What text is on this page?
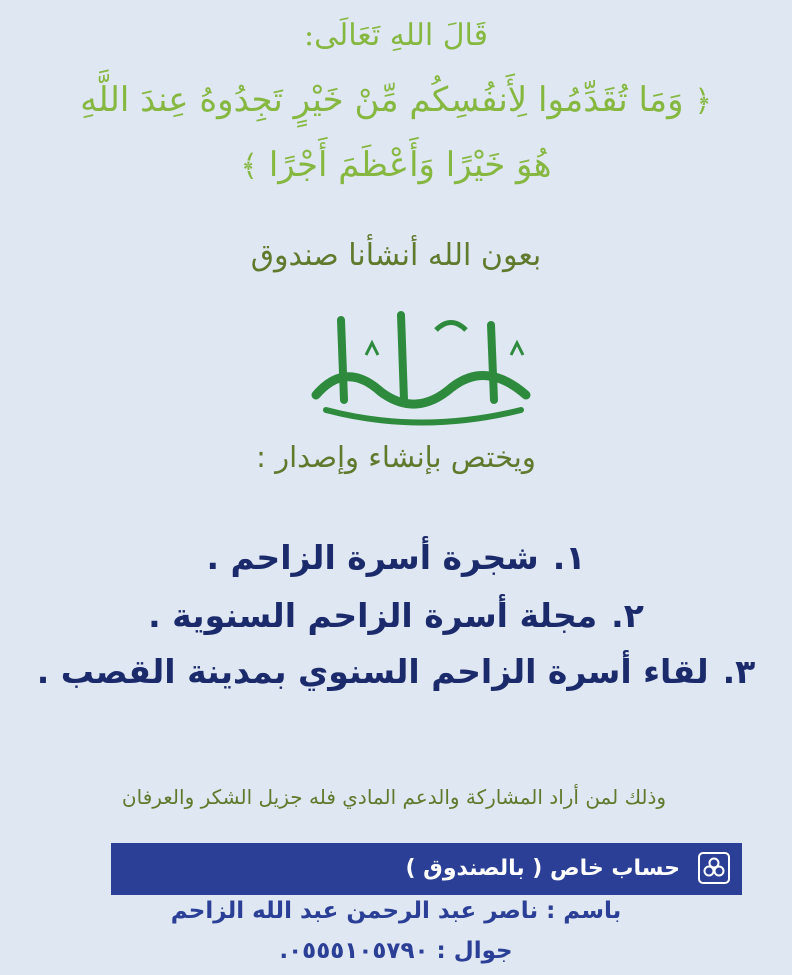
قَالَ اللهِ تَعَالَى:
﴿ وَمَا تُقَدِّمُوا لِأَنفُسِكُم مِّنْ خَيْرٍ تَجِدُوهُ عِندَ اللَّهِ
هُوَ خَيْرًا وَأَعْظَمَ أَجْرًا ﴾
بعون الله أنشأنا صندوق
ويختص بإنشاء وإصدار :
١.شجرة أسرة الزاحم .
٢.مجلة أسرة الزاحم السنوية .
٣.لقاء أسرة الزاحم السنوي بمدينة القصب .
وذلك لمن أراد المشاركة والدعم المادي فله جزيل الشكر والعرفان
حساب خاص ( بالصندوق )
باسم : ناصر عبد الرحمن عبد الله الزاحم
جوال : ٠٥٥٥١٠٥٧٩٠.
